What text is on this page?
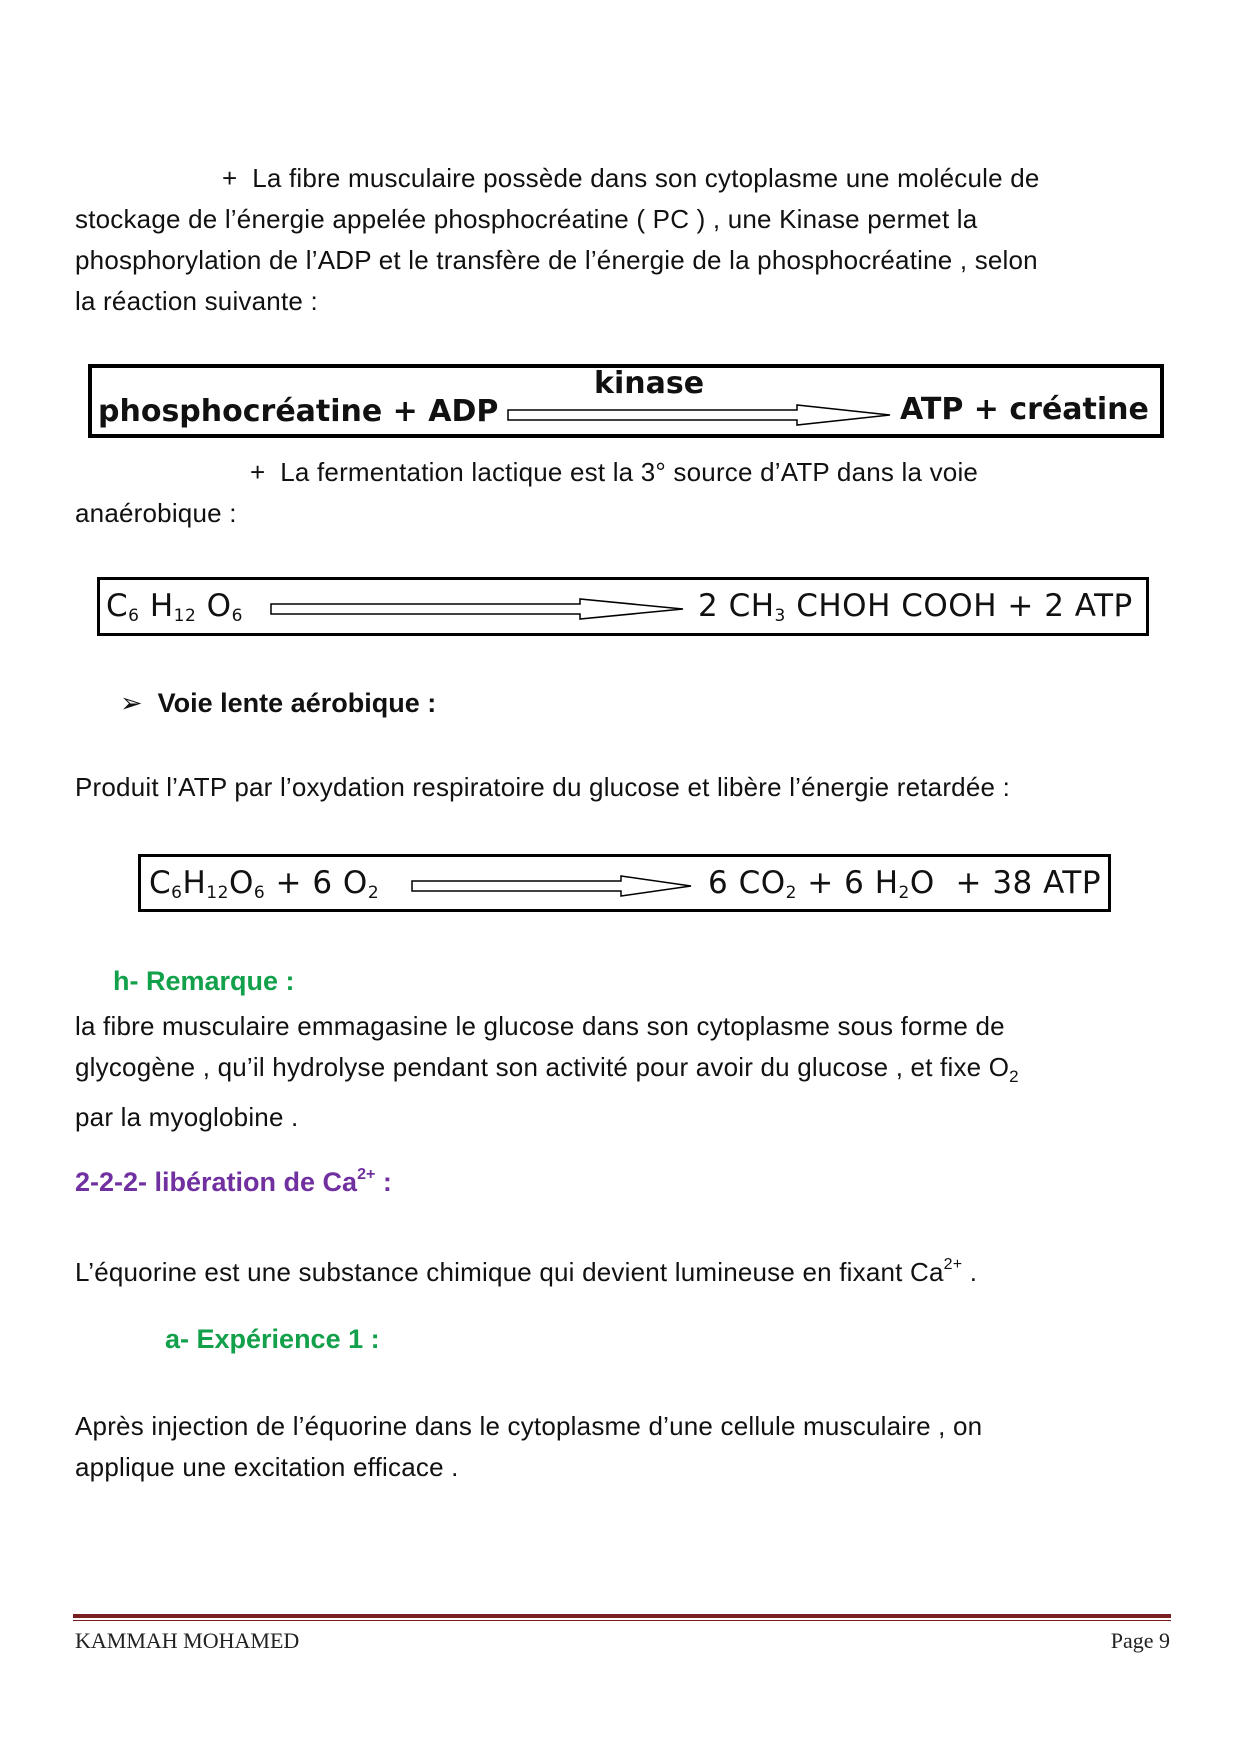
+ La fibre musculaire possède dans son cytoplasme une molécule de
stockage de l’énergie appelée phosphocréatine ( PC ) , une Kinase permet la
phosphorylation de l’ADP et le transfère de l’énergie de la phosphocréatine , selon
la réaction suivante :
phosphocréatine + ADP
kinase
ATP + créatine
+ La fermentation lactique est la 3° source d’ATP dans la voie
anaérobique :
$C_6$ $H_{12}$ $O_6$	2 $CH_3$ CHOH COOH + 2 ATP
➢ Voie lente aérobique :
Produit l’ATP par l’oxydation respiratoire du glucose et libère l’énergie retardée :
$C_6H_{12}O_6 + 6$ $O_2$	6 $CO_2 + 6$ $H_2O + 38$ ATP
h- Remarque :
la fibre musculaire emmagasine le glucose dans son cytoplasme sous forme de
glycogène , qu’il hydrolyse pendant son activité pour avoir du glucose , et fixe $O_2$
par la myoglobine .
2-2-2- libération de $Ca^{2+}$ :
L’équorine est une substance chimique qui devient lumineuse en fixant $Ca^{2+}$ .
a- Expérience 1 :
Après injection de l’équorine dans le cytoplasme d’une cellule musculaire , on
applique une excitation efficace .
KAMMAH MOHAMED	Page 9
